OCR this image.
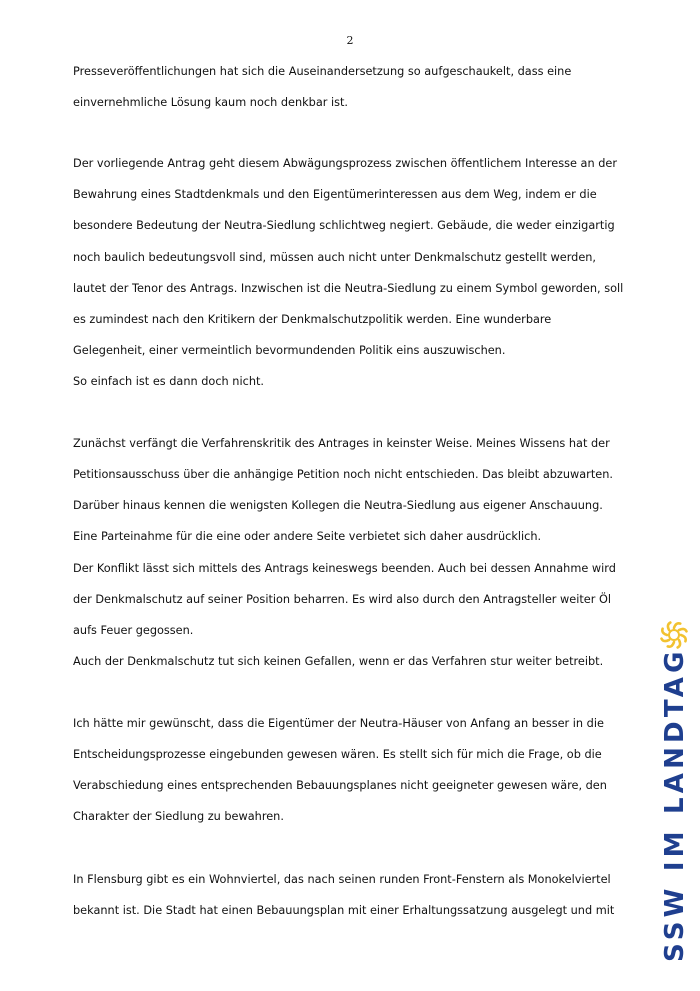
2
Presseveröffentlichungen hat sich die Auseinandersetzung so aufgeschaukelt, dass eine
einvernehmliche Lösung kaum noch denkbar ist.
Der vorliegende Antrag geht diesem Abwägungsprozess zwischen öffentlichem Interesse an der
Bewahrung eines Stadtdenkmals und den Eigentümerinteressen aus dem Weg, indem er die
besondere Bedeutung der Neutra-Siedlung schlichtweg negiert. Gebäude, die weder einzigartig
noch baulich bedeutungsvoll sind, müssen auch nicht unter Denkmalschutz gestellt werden,
lautet der Tenor des Antrags. Inzwischen ist die Neutra-Siedlung zu einem Symbol geworden, soll
es zumindest nach den Kritikern der Denkmalschutzpolitik werden. Eine wunderbare
Gelegenheit, einer vermeintlich bevormundenden Politik eins auszuwischen.
So einfach ist es dann doch nicht.
Zunächst verfängt die Verfahrenskritik des Antrages in keinster Weise. Meines Wissens hat der
Petitionsausschuss über die anhängige Petition noch nicht entschieden. Das bleibt abzuwarten.
Darüber hinaus kennen die wenigsten Kollegen die Neutra-Siedlung aus eigener Anschauung.
Eine Parteinahme für die eine oder andere Seite verbietet sich daher ausdrücklich.
Der Konflikt lässt sich mittels des Antrags keineswegs beenden. Auch bei dessen Annahme wird
der Denkmalschutz auf seiner Position beharren. Es wird also durch den Antragsteller weiter Öl
aufs Feuer gegossen.
Auch der Denkmalschutz tut sich keinen Gefallen, wenn er das Verfahren stur weiter betreibt.
Ich hätte mir gewünscht, dass die Eigentümer der Neutra-Häuser von Anfang an besser in die
Entscheidungsprozesse eingebunden gewesen wären. Es stellt sich für mich die Frage, ob die
Verabschiedung eines entsprechenden Bebauungsplanes nicht geeigneter gewesen wäre, den
Charakter der Siedlung zu bewahren.
In Flensburg gibt es ein Wohnviertel, das nach seinen runden Front-Fenstern als Monokelviertel
bekannt ist. Die Stadt hat einen Bebauungsplan mit einer Erhaltungssatzung ausgelegt und mit SSW IM LANDTAG
